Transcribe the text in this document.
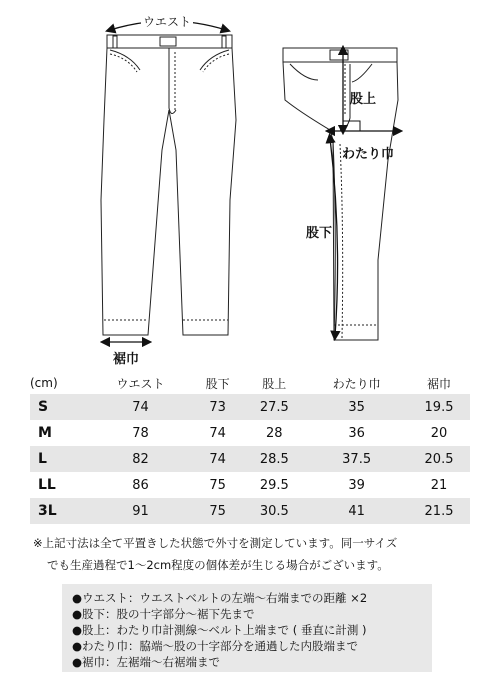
ウエスト
股上
わたり巾
股下
裾巾
(cm)	ウエスト	股下	股上	わたり巾	裾巾
S	74	73	27.5	35	19.5
M	78	74	28	36	20
L	82	74	28.5	37.5	20.5
LL	86	75	29.5	39	21
3L	91	75	30.5	41	21.5
※上記寸法は全て平置きした状態で外寸を測定しています。同一サイズ
でも生産過程で1～2cm程度の個体差が生じる場合がございます。
●ウエスト：ウエストベルトの左端～右端までの距離 ×2
●股下：股の十字部分～裾下先まで
●股上：わたり巾計測線～ベルト上端まで ( 垂直に計測 )
●わたり巾：脇端～股の十字部分を通過した内股端まで
●裾巾：左裾端～右裾端まで
